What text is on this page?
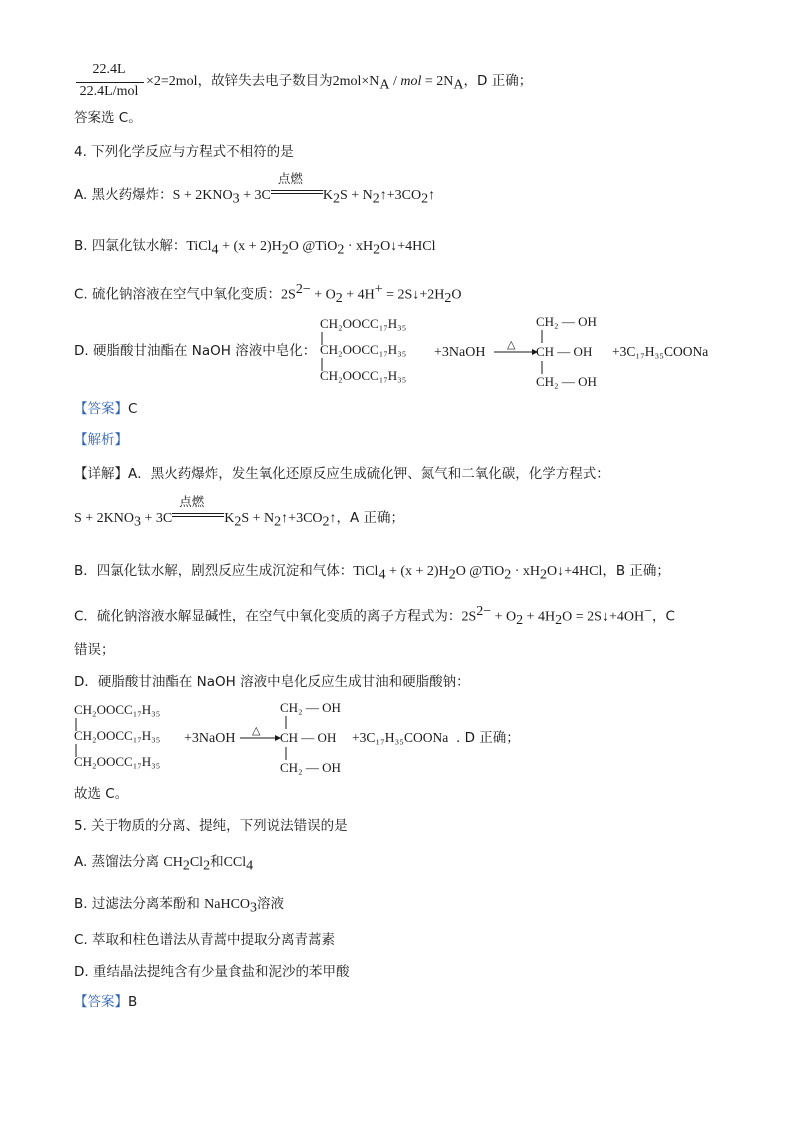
22.4L
22.4L/mol
×2=2mol，故锌失去电子数目为$2mol\times N_A$ / mol = $2N_A$，D 正确；
答案选 C。
4. 下列化学反应与方程式不相符的是
A. 黑火药爆炸：$S + 2KNO_3 + 3C$
点燃
$K_2S$ + $N_2↑+3CO_2↑$
B. 四氯化钛水解：TiCl$_4$ + $(x + 2)H_2O$ @TiO$_2$ · $xH_2O↓+4HCl$
C. 硫化钠溶液在空气中氧化变质：$2S^{2-} + O_2 + 4H^+$ = $2S↓+2H_2O$
D. 硬脂酸甘油酯在 NaOH 溶液中皂化：
CH₂OOCC₁₇H₃₅
CH₂OOCC₁₇H₃₅
CH₂OOCC₁₇H₃₅
+3NaOH △
CH₂ — OH
CH — OH
CH₂ — OH
+3C₁₇H₃₅COONa
【答案】C
【解析】
【详解】A．黑火药爆炸，发生氧化还原反应生成硫化钾、氮气和二氧化碳，化学方程式：
$S + 2KNO_3 + 3C$
点燃
$K_2S$ + $N_2↑+3CO_2↑$，A 正确；
B．四氯化钛水解，剧烈反应生成沉淀和气体：TiCl$_4$ + $(x + 2)H_2O$ @TiO$_2$ · $xH_2O↓+4HCl$，B 正确；
C．硫化钠溶液水解显碱性，在空气中氧化变质的离子方程式为：$2S^{2-} + O_2 + 4H_2O$ = 2S↓+4OH−，C
错误；
D．硬脂酸甘油酯在 NaOH 溶液中皂化反应生成甘油和硬脂酸钠：
CH₂OOCC₁₇H₃₅
CH₂OOCC₁₇H₃₅
CH₂OOCC₁₇H₃₅
+3NaOH △
CH₂ — OH
CH — OH
CH₂ — OH
+3C₁₇H₃₅COONa . D 正确；
故选 C。
5. 关于物质的分离、提纯，下列说法错误的是
A. 蒸馏法分离 $CH_2Cl_2$和CCl$_4$
B. 过滤法分离苯酚和 NaHCO$_3$溶液
C. 萃取和柱色谱法从青蒿中提取分离青蒿素
D. 重结晶法提纯含有少量食盐和泥沙的苯甲酸
【答案】B
